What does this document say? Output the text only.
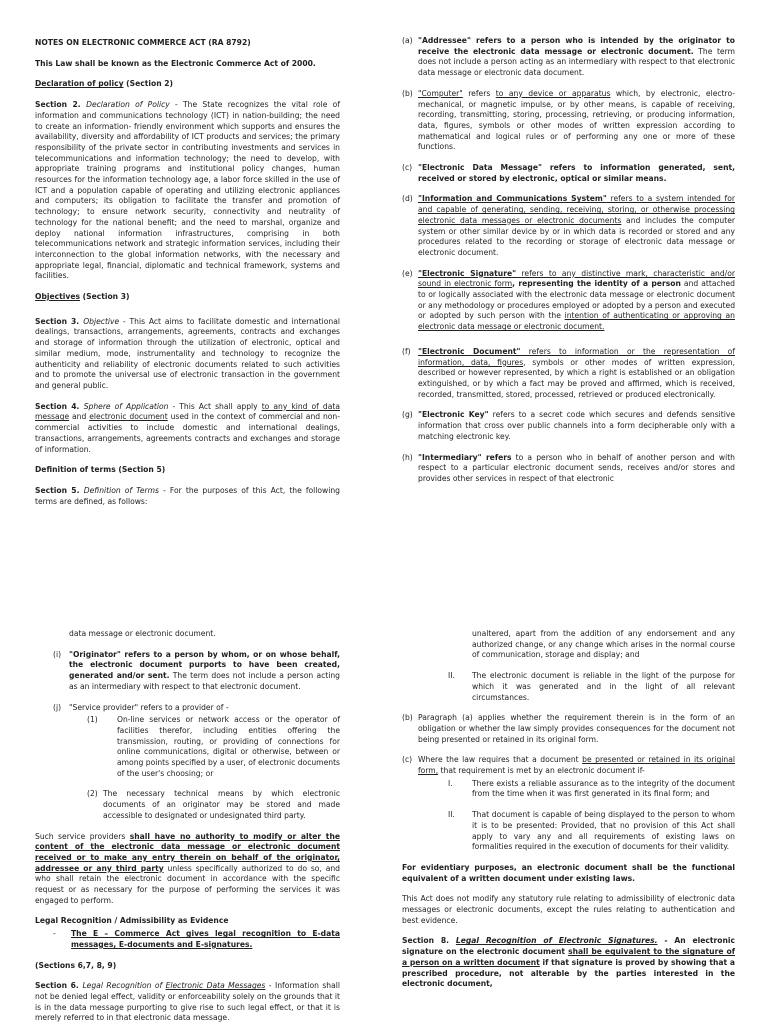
NOTES ON ELECTRONIC COMMERCE ACT (RA 8792)

This Law shall be known as the Electronic Commerce Act of 2000.

Declaration of policy (Section 2)

Section 2. Declaration of Policy - The State recognizes the vital role of information and communications technology (ICT) in nation-building; the need to create an information- friendly environment which supports and ensures the availability, diversity and affordability of ICT products and services; the primary responsibility of the private sector in contributing investments and services in telecommunications and information technology; the need to develop, with appropriate training programs and institutional policy changes, human resources for the information technology age, a labor force skilled in the use of ICT and a population capable of operating and utilizing electronic appliances and computers; its obligation to facilitate the transfer and promotion of technology; to ensure network security, connectivity and neutrality of technology for the national benefit; and the need to marshal, organize and deploy national information infrastructures, comprising in both telecommunications network and strategic information services, including their interconnection to the global information networks, with the necessary and appropriate legal, financial, diplomatic and technical framework, systems and facilities.

Objectives (Section 3)

Section 3. Objective - This Act aims to facilitate domestic and international dealings, transactions, arrangements, agreements, contracts and exchanges and storage of information through the utilization of electronic, optical and similar medium, mode, instrumentality and technology to recognize the authenticity and reliability of electronic documents related to such activities and to promote the universal use of electronic transaction in the government and general public.

Section 4. Sphere of Application - This Act shall apply to any kind of data message and electronic document used in the context of commercial and non-commercial activities to include domestic and international dealings, transactions, arrangements, agreements contracts and exchanges and storage of information.

Definition of terms (Section 5)

Section 5. Definition of Terms - For the purposes of this Act, the following terms are defined, as follows:

(a) "Addressee" refers to a person who is intended by the originator to receive the electronic data message or electronic document. The term does not include a person acting as an intermediary with respect to that electronic data message or electronic data document.
(b) "Computer" refers to any device or apparatus which, by electronic, electro- mechanical, or magnetic impulse, or by other means, is capable of receiving, recording, transmitting, storing, processing, retrieving, or producing information, data, figures, symbols or other modes of written expression according to mathematical and logical rules or of performing any one or more of these functions.
(c) "Electronic Data Message" refers to information generated, sent, received or stored by electronic, optical or similar means.
(d) "Information and Communications System" refers to a system intended for and capable of generating, sending, receiving, storing, or otherwise processing electronic data messages or electronic documents and includes the computer system or other similar device by or in which data is recorded or stored and any procedures related to the recording or storage of electronic data message or electronic document.
(e) "Electronic Signature" refers to any distinctive mark, characteristic and/or sound in electronic form, representing the identity of a person and attached to or logically associated with the electronic data message or electronic document or any methodology or procedures employed or adopted by a person and executed or adopted by such person with the intention of authenticating or approving an electronic data message or electronic document.
(f) "Electronic Document" refers to information or the representation of information, data, figures, symbols or other modes of written expression, described or however represented, by which a right is established or an obligation extinguished, or by which a fact may be proved and affirmed, which is received, recorded, transmitted, stored, processed, retrieved or produced electronically.
(g) "Electronic Key" refers to a secret code which secures and defends sensitive information that cross over public channels into a form decipherable only with a matching electronic key.
(h) "Intermediary" refers to a person who in behalf of another person and with respect to a particular electronic document sends, receives and/or stores and provides other services in respect of that electronic

data message or electronic document.

(i) "Originator" refers to a person by whom, or on whose behalf, the electronic document purports to have been created, generated and/or sent. The term does not include a person acting as an intermediary with respect to that electronic document.
(j) "Service provider" refers to a provider of -
(1)	On-line services or network access or the operator of facilities therefor, including entities offering the transmission, routing, or providing of connections for online communications, digital or otherwise, between or among points specified by a user, of electronic documents of the user's choosing; or
(2) The necessary technical means by which electronic documents of an originator may be stored and made accessible to designated or undesignated third party.

Such service providers shall have no authority to modify or alter the content of the electronic data message or electronic document received or to make any entry therein on behalf of the originator, addressee or any third party unless specifically authorized to do so, and who shall retain the electronic document in accordance with the specific request or as necessary for the purpose of performing the services it was engaged to perform.

Legal Recognition / Admissibility as Evidence

- The E – Commerce Act gives legal recognition to E-data messages, E-documents and E-signatures.

(Sections 6,7, 8, 9)

Section 6. Legal Recognition of Electronic Data Messages - Information shall not be denied legal effect, validity or enforceability solely on the grounds that it is in the data message purporting to give rise to such legal effect, or that it is merely referred to in that electronic data message.

unaltered, apart from the addition of any endorsement and any authorized change, or any change which arises in the normal course of communication, storage and display; and

II. The electronic document is reliable in the light of the purpose for which it was generated and in the light of all relevant circumstances.
(b) Paragraph (a) applies whether the requirement therein is in the form of an obligation or whether the law simply provides consequences for the document not being presented or retained in its original form.
(c) Where the law requires that a document be presented or retained in its original form, that requirement is met by an electronic document if-
I.	There exists a reliable assurance as to the integrity of the document from the time when it was first generated in its final form; and
II. That document is capable of being displayed to the person to whom it is to be presented: Provided, that no provision of this Act shall apply to vary any and all requirements of existing laws on formalities required in the execution of documents for their validity.

For evidentiary purposes, an electronic document shall be the functional equivalent of a written document under existing laws.

This Act does not modify any statutory rule relating to admissibility of electronic data messages or electronic documents, except the rules relating to authentication and best evidence.

Section 8. Legal Recognition of Electronic Signatures. - An electronic signature on the electronic document shall be equivalent to the signature of a person on a written document if that signature is proved by showing that a prescribed procedure, not alterable by the parties interested in the electronic document,
